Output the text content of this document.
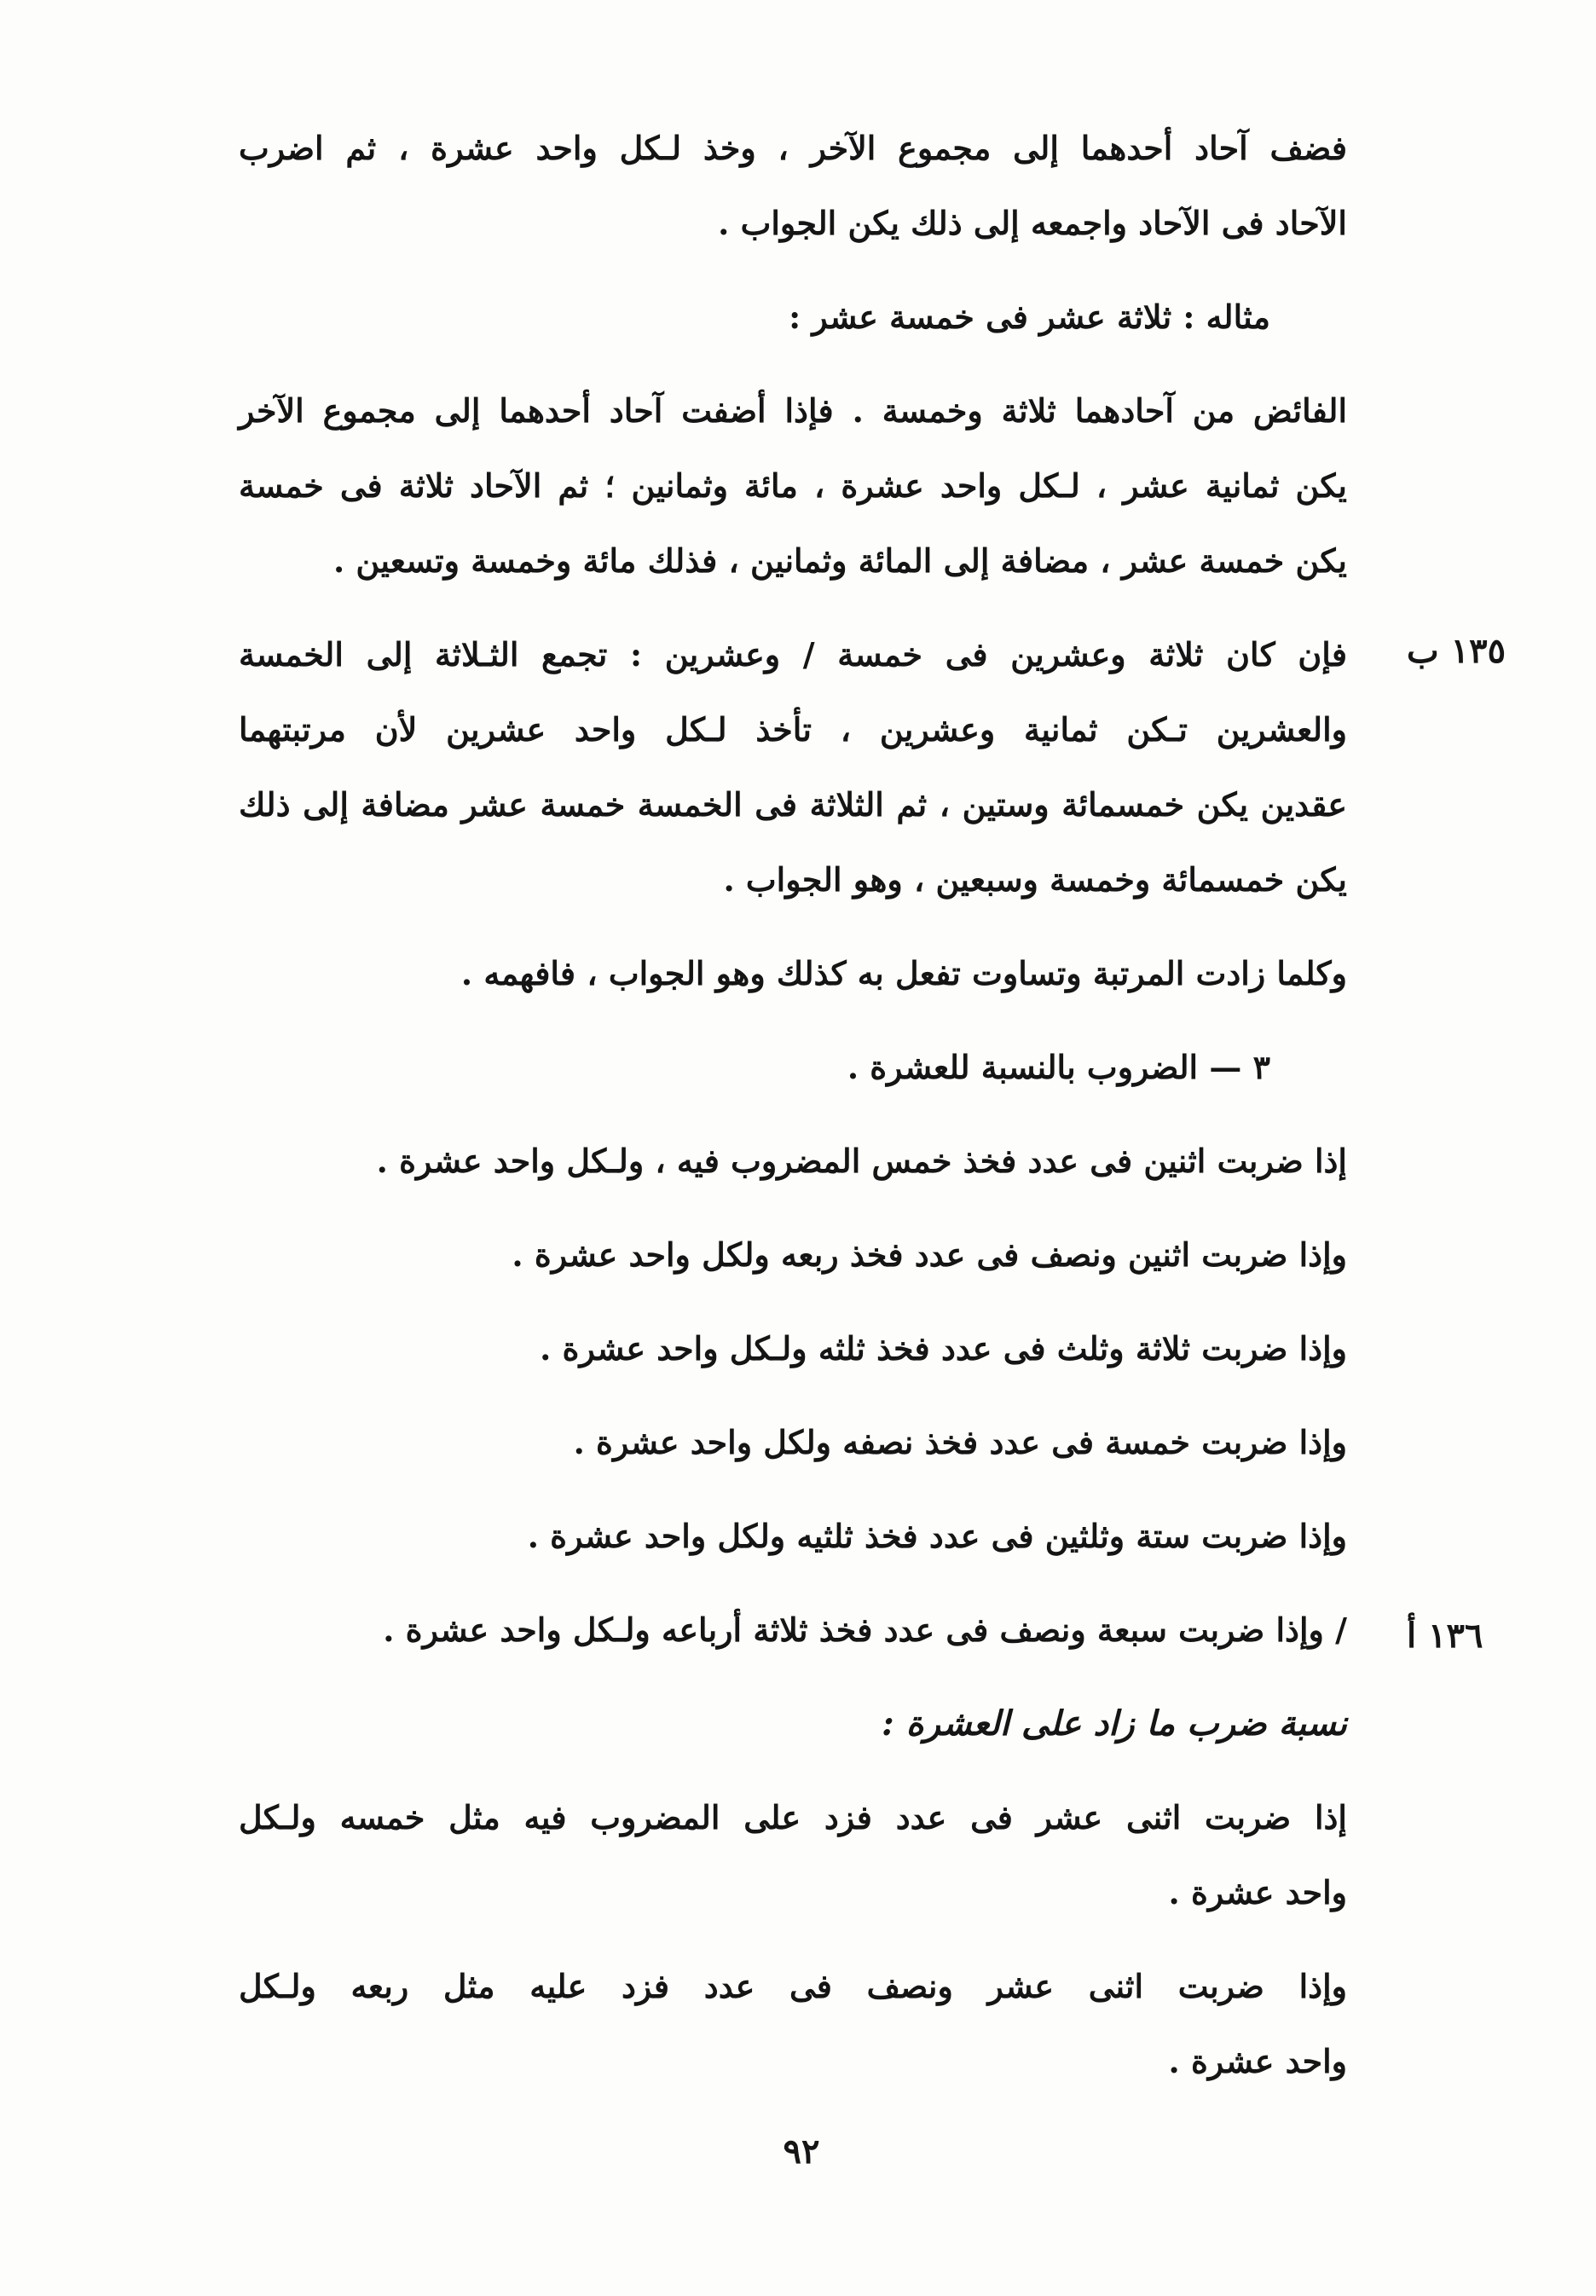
فضف آحاد أحدهما إلى مجموع الآخر ، وخذ لـكل واحد عشرة ، ثم اضرب
الآحاد فى الآحاد واجمعه إلى ذلك يكن الجواب .

مثاله : ثلاثة عشر فى خمسة عشر :

الفائض من آحادهما ثلاثة وخمسة . فإذا أضفت آحاد أحدهما إلى مجموع الآخر
يكن ثمانية عشر ، لـكل واحد عشرة ، مائة وثمانين ؛ ثم الآحاد ثلاثة فى خمسة
يكن خمسة عشر ، مضافة إلى المائة وثمانين ، فذلك مائة وخمسة وتسعين .

فإن كان ثلاثة وعشرين فى خمسة / وعشرين : تجمع الثـلاثة إلى الخمسة
والعشرين تـكن ثمانية وعشرين ، تأخذ لـكل واحد عشرين لأن مرتبتهما
عقدين يكن خمسمائة وستين ، ثم الثلاثة فى الخمسة خمسة عشر مضافة إلى ذلك
يكن خمسمائة وخمسة وسبعين ، وهو الجواب .

وكلما زادت المرتبة وتساوت تفعل به كذلك وهو الجواب ، فافهمه .

٣ — الضروب بالنسبة للعشرة .

إذا ضربت اثنين فى عدد فخذ خمس المضروب فيه ، ولـكل واحد عشرة .

وإذا ضربت اثنين ونصف فى عدد فخذ ربعه ولكل واحد عشرة .

وإذا ضربت ثلاثة وثلث فى عدد فخذ ثلثه ولـكل واحد عشرة .

وإذا ضربت خمسة فى عدد فخذ نصفه ولكل واحد عشرة .

وإذا ضربت ستة وثلثين فى عدد فخذ ثلثيه ولكل واحد عشرة .

/ وإذا ضربت سبعة ونصف فى عدد فخذ ثلاثة أرباعه ولـكل واحد عشرة .

نسبة ضرب ما زاد على العشرة :

إذا ضربت اثنى عشر فى عدد فزد على المضروب فيه مثل خمسه ولـكل
واحد عشرة .

وإذا ضربت اثنى عشر ونصف فى عدد فزد عليه مثل ربعه ولـكل
واحد عشرة .

١٣٥ ب
١٣٦ أ
٩٢
